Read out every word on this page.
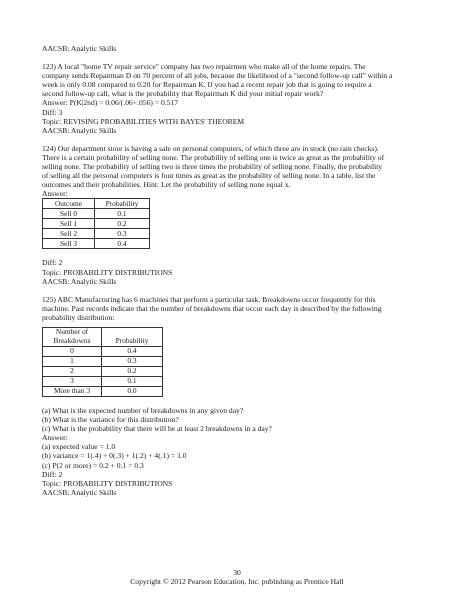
AACSB: Analytic Skills
123) A local "home TV repair service" company has two repairmen who make all of the home repairs. The
company sends Repairman D on 70 percent of all jobs, because the likelihood of a "second follow-up call" within a
week is only 0.08 compared to 0.20 for Repairman K. If you had a recent repair job that is going to require a
second follow-up call, what is the probability that Repairman K did your initial repair work?
Answer: P(K|2nd) = 0.06/(.06+.056) = 0.517
Diff: 3
Topic: REVISING PROBABILITIES WITH BAYES' THEOREM
AACSB: Analytic Skills
124) Our department store is having a sale on personal computers, of which three are in stock (no rain checks).
There is a certain probability of selling none. The probability of selling one is twice as great as the probability of
selling none. The probability of selling two is three times the probability of selling none. Finally, the probability
of selling all the personal computers is four times as great as the probability of selling none. In a table, list the
outcomes and their probabilities. Hint: Let the probability of selling none equal x.
Answer:
Outcome	Probability
Sell 0	0.1
Sell 1	0.2
Sell 2	0.3
Sell 3	0.4
Diff: 2
Topic: PROBABILITY DISTRIBUTIONS
AACSB: Analytic Skills
125) ABC Manufacturing has 6 machines that perform a particular task. Breakdowns occur frequently for this
machine. Past records indicate that the number of breakdowns that occur each day is described by the following
probability distribution:
Number of
Breakdowns	Probability
0	0.4
1	0.3
2	0.2
3	0.1
More than 3	0.0
(a) What is the expected number of breakdowns in any given day?
(b) What is the variance for this distribution?
(c) What is the probability that there will be at least 2 breakdowns in a day?
Answer:
(a) expected value = 1.0
(b) variance = 1(.4) + 0(.3) + 1(.2) + 4(.1) = 1.0
(c) P(2 or more) = 0.2 + 0.1 = 0.3
Diff: 2
Topic: PROBABILITY DISTRIBUTIONS
AACSB: Analytic Skills
30
Copyright © 2012 Pearson Education, Inc. publishing as Prentice Hall
